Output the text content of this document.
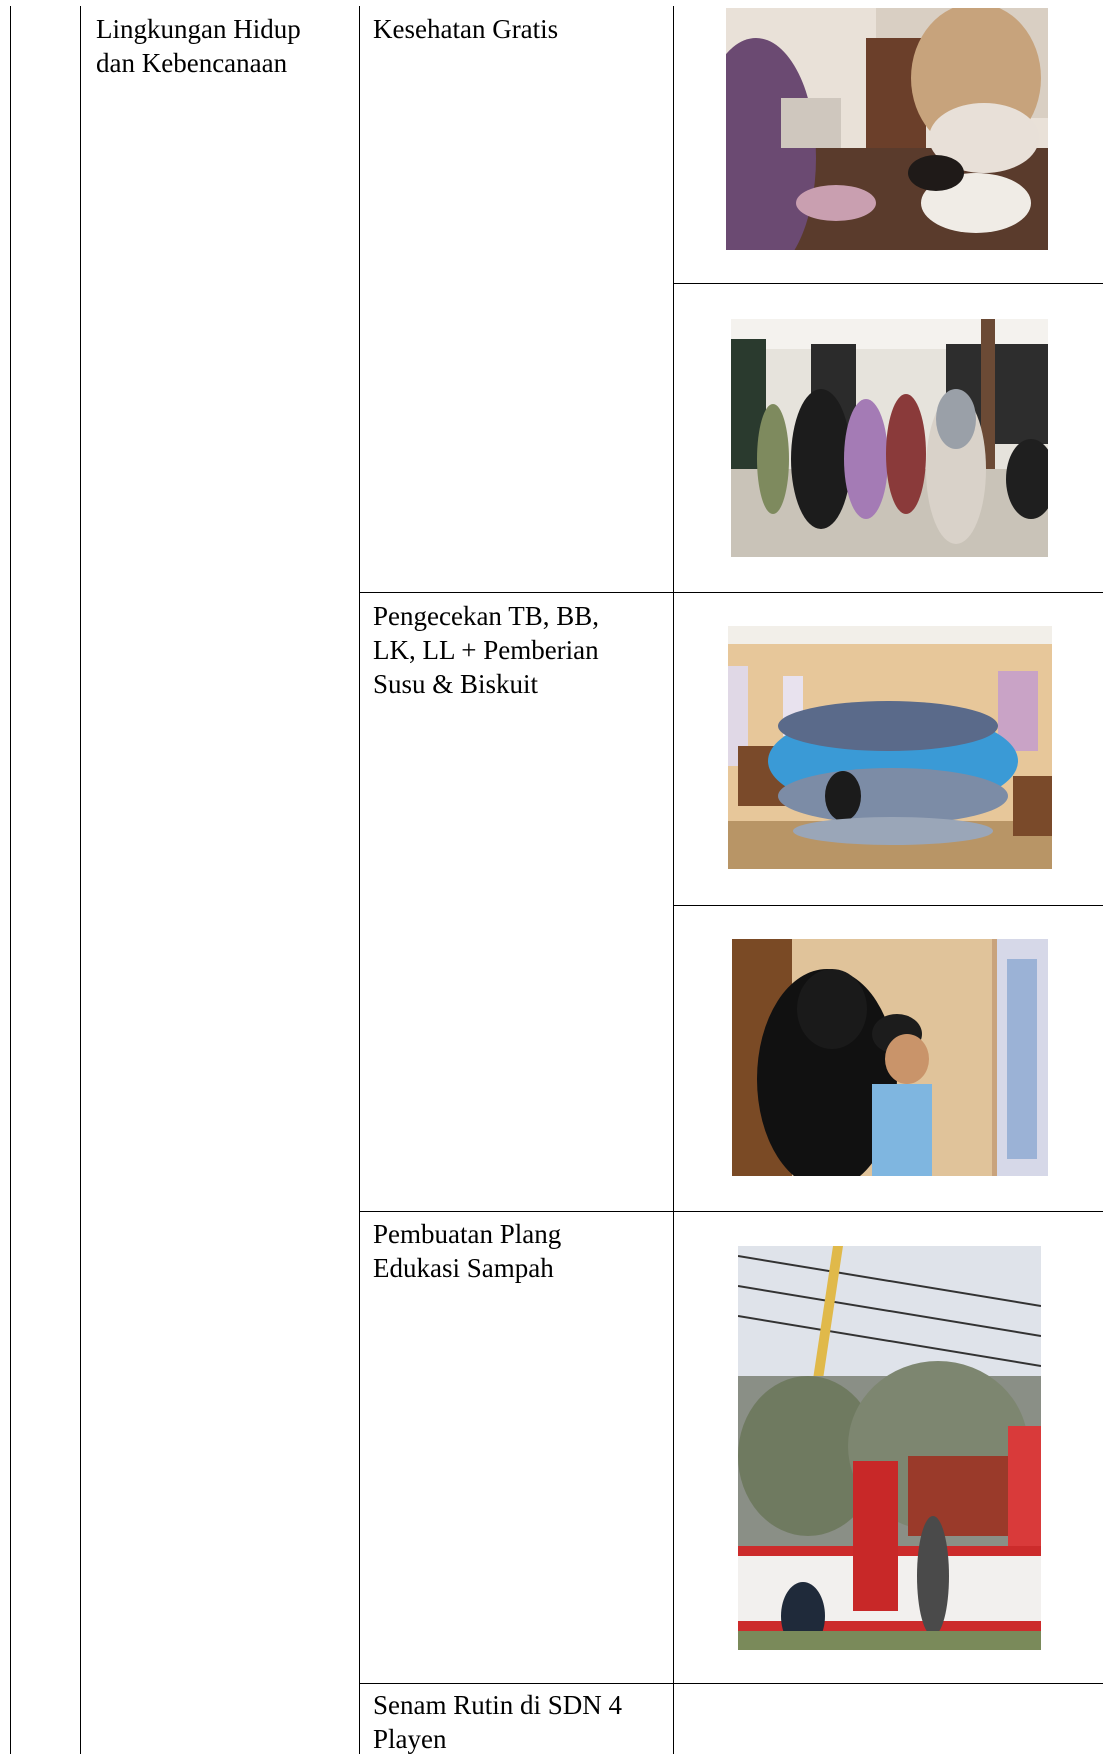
Lingkungan Hidup
dan Kebencanaan
Kesehatan Gratis
Pengecekan TB, BB,
LK, LL + Pemberian
Susu & Biskuit
Pembuatan Plang
Edukasi Sampah
Senam Rutin di SDN 4
Playen
